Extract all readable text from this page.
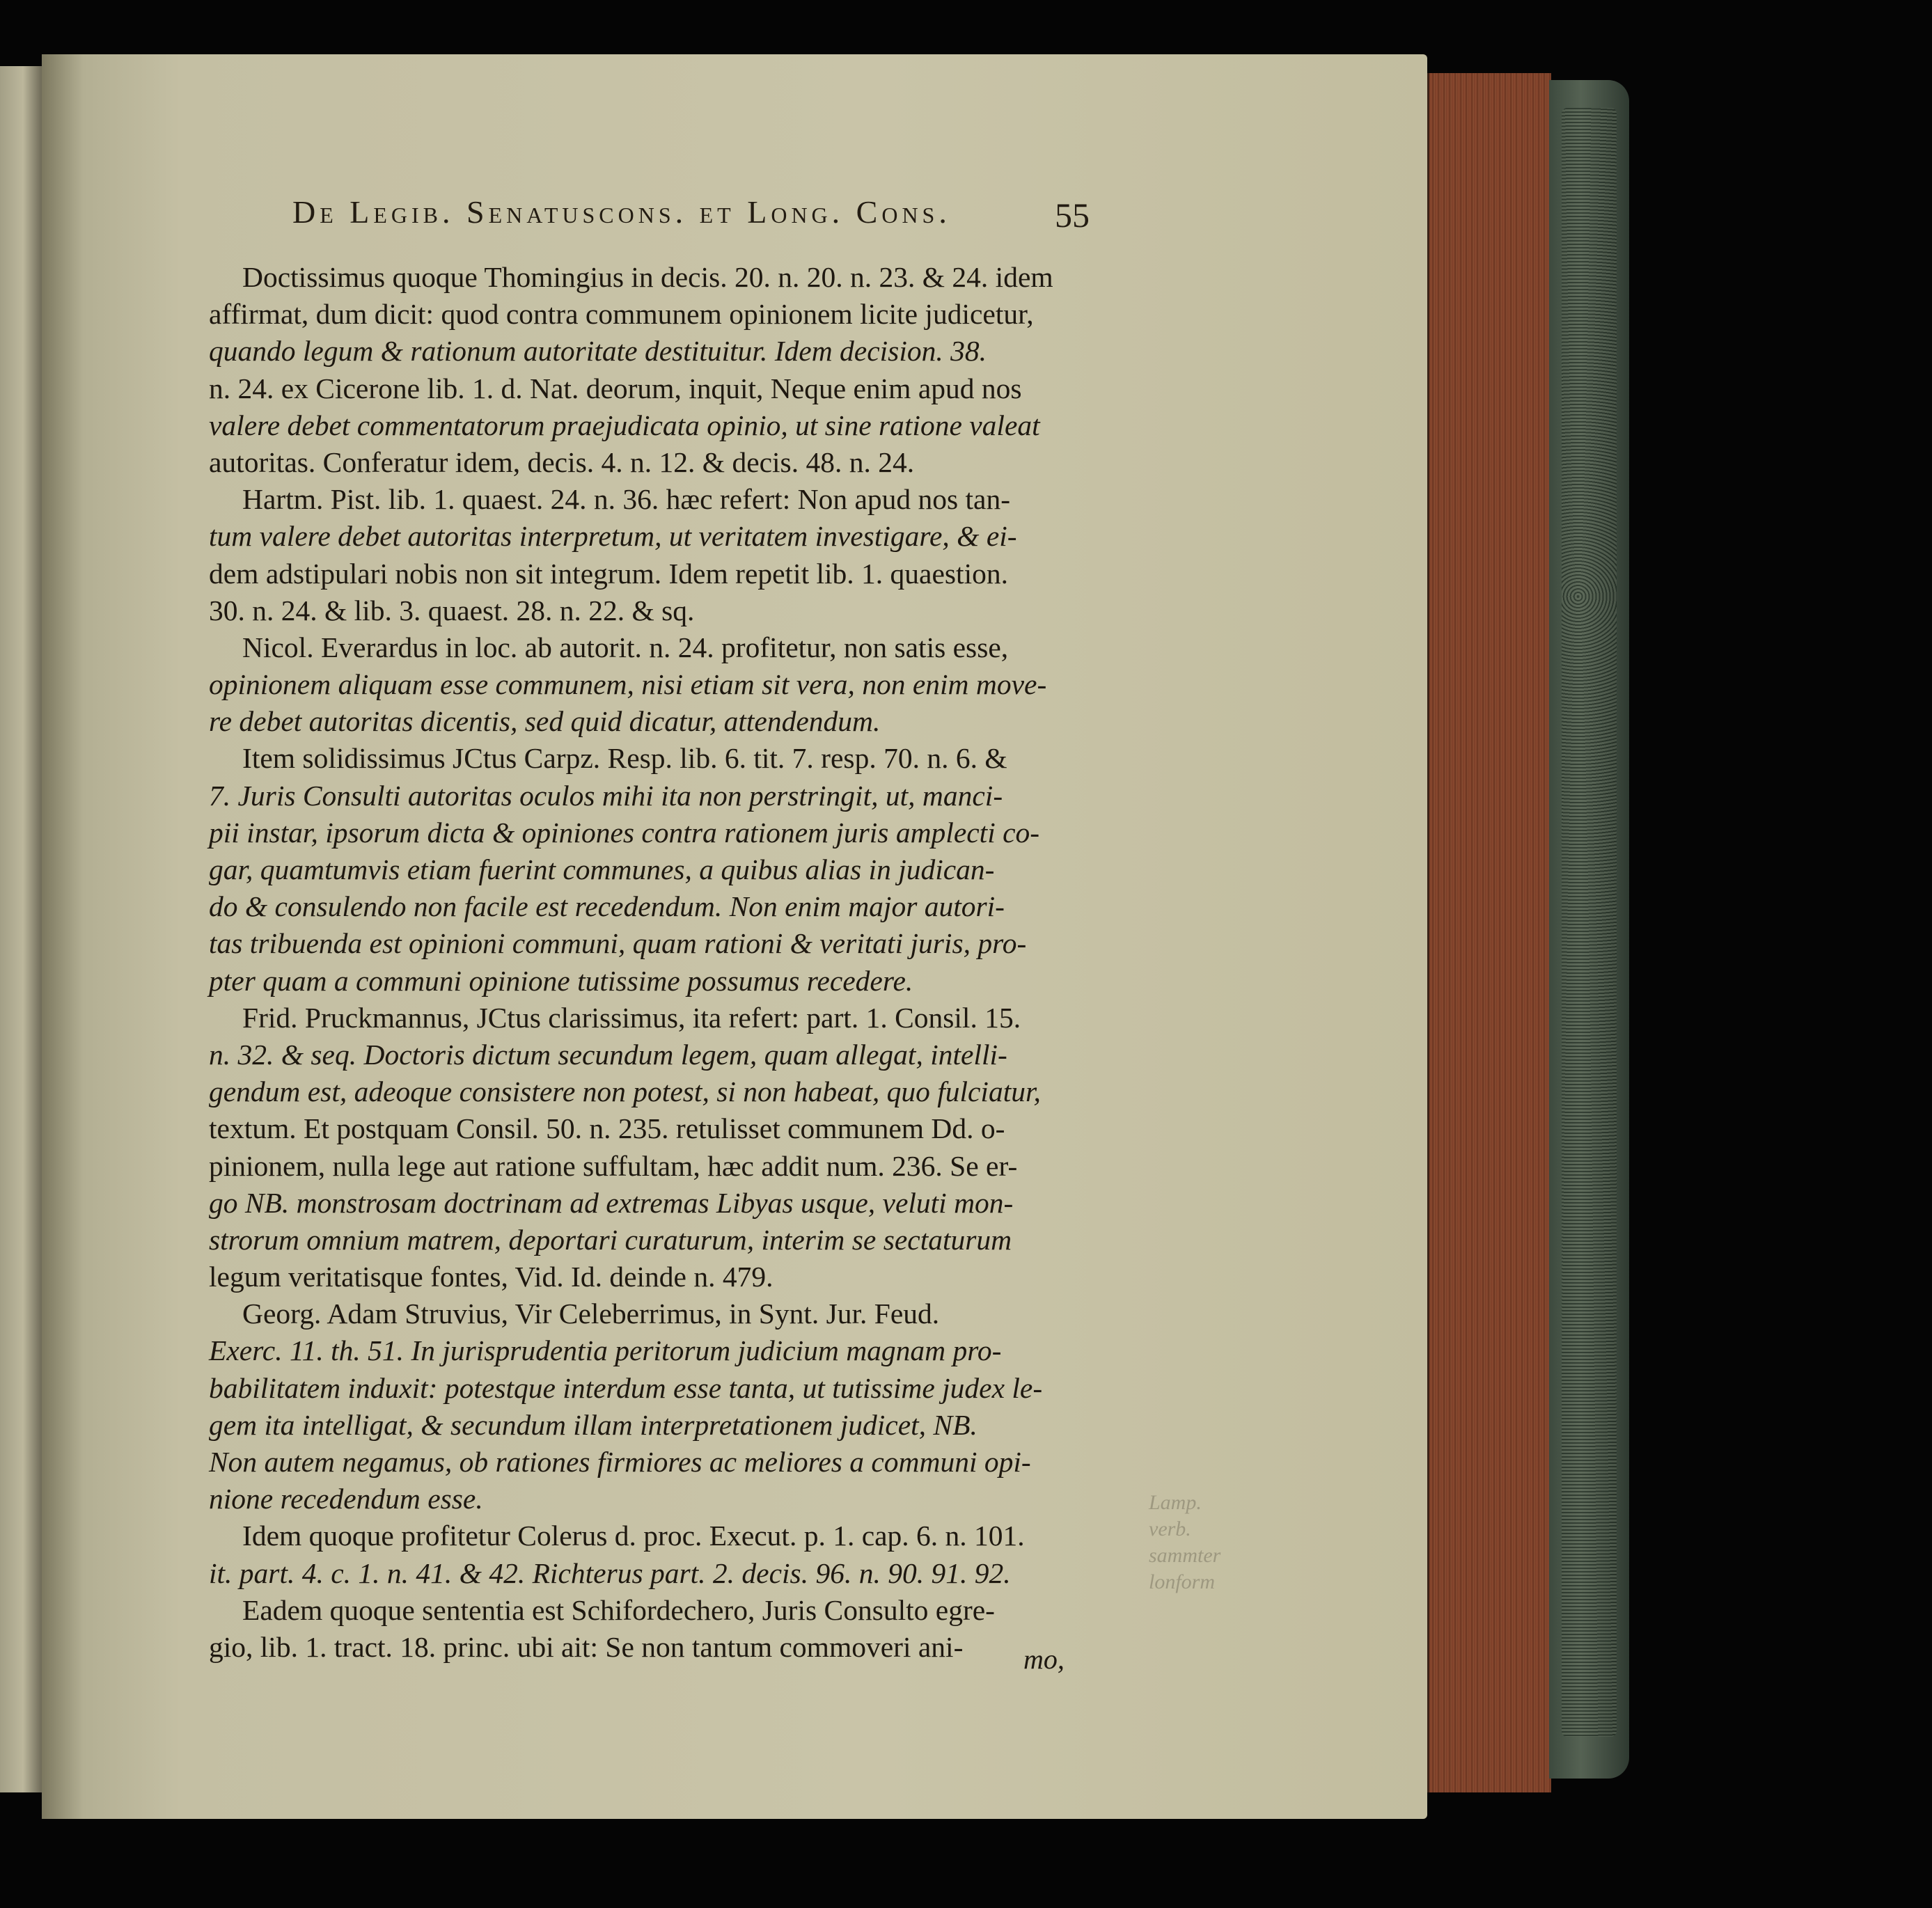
De Legib. Senatuscons. et Long. Cons.	55
Doctissimus quoque Thomingius in decis. 20. n. 20. n. 23. & 24. idem
affirmat, dum dicit: quod contra communem opinionem licite judicetur,
quando legum & rationum autoritate destituitur. Idem decision. 38.
n. 24. ex Cicerone lib. 1. d. Nat. deorum, inquit, Neque enim apud nos
valere debet commentatorum praejudicata opinio, ut sine ratione valeat
autoritas. Conferatur idem, decis. 4. n. 12. & decis. 48. n. 24.
Hartm. Pist. lib. 1. quaest. 24. n. 36. hæc refert: Non apud nos tan-
tum valere debet autoritas interpretum, ut veritatem investigare, & ei-
dem adstipulari nobis non sit integrum. Idem repetit lib. 1. quaestion.
30. n. 24. & lib. 3. quaest. 28. n. 22. & sq.
Nicol. Everardus in loc. ab autorit. n. 24. profitetur, non satis esse,
opinionem aliquam esse communem, nisi etiam sit vera, non enim move-
re debet autoritas dicentis, sed quid dicatur, attendendum.
Item solidissimus JCtus Carpz. Resp. lib. 6. tit. 7. resp. 70. n. 6. &
7. Juris Consulti autoritas oculos mihi ita non perstringit, ut, manci-
pii instar, ipsorum dicta & opiniones contra rationem juris amplecti co-
gar, quamtumvis etiam fuerint communes, a quibus alias in judican-
do & consulendo non facile est recedendum. Non enim major autori-
tas tribuenda est opinioni communi, quam rationi & veritati juris, pro-
pter quam a communi opinione tutissime possumus recedere.
Frid. Pruckmannus, JCtus clarissimus, ita refert: part. 1. Consil. 15.
n. 32. & seq. Doctoris dictum secundum legem, quam allegat, intelli-
gendum est, adeoque consistere non potest, si non habeat, quo fulciatur,
textum. Et postquam Consil. 50. n. 235. retulisset communem Dd. o-
pinionem, nulla lege aut ratione suffultam, hæc addit num. 236. Se er-
go NB. monstrosam doctrinam ad extremas Libyas usque, veluti mon-
strorum omnium matrem, deportari curaturum, interim se sectaturum
legum veritatisque fontes, Vid. Id. deinde n. 479.
Georg. Adam Struvius, Vir Celeberrimus, in Synt. Jur. Feud.
Exerc. 11. th. 51. In jurisprudentia peritorum judicium magnam pro-
babilitatem induxit: potestque interdum esse tanta, ut tutissime judex le-
gem ita intelligat, & secundum illam interpretationem judicet, NB.
Non autem negamus, ob rationes firmiores ac meliores a communi opi-
nione recedendum esse.
Idem quoque profitetur Colerus d. proc. Execut. p. 1. cap. 6. n. 101.
it. part. 4. c. 1. n. 41. & 42. Richterus part. 2. decis. 96. n. 90. 91. 92.
Eadem quoque sententia est Schifordechero, Juris Consulto egre-
gio, lib. 1. tract. 18. princ. ubi ait: Se non tantum commoveri ani-	mo,
Lamp.
verb.
sammter
lonform
